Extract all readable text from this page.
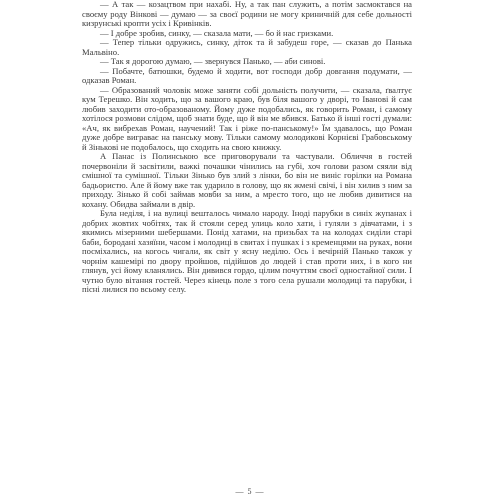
— А так — козацтвом при нахабі. Ну, а так пан служить, а потім засмоктався на своєму роду Вінкові — думаю — за своєї родини не могу криничній для себе дольності кизрунські кропти усіх і Кривінків.

— І добре зробив, синку, — сказала мати, — бо й нас гризками.

— Тепер тільки одружись, синку, діток та й забудеш горе, — сказав до Панька Мальвіно.

— Так я дорогою думаю, — звернувся Панько, — аби синові.

— Побачте, батюшки, будемо й ходити, вот господи добр довгання подумати, — одказав Роман.

— Образований чоловік може заняти собі дольність получити, — сказала, ґвалтує кум Терешко. Він ходить, що за вашого краю, був біля вашого у дворі, то Іванові й сам любив заходити ото-образованому. Йому дуже подобались, як говорить Роман, і самому хотілося розмови слідом, щоб знати буде, що й він ме вбився. Батько й інші гості думали: «Ач, як вибрехав Роман, научений! Так і ріже по-панському!» Їм здавалось, що Роман дуже добре виграває на панську мову. Тільки самому молодикові Корнієві Грабовському й Зінькові не подобалось, що сходить на свою книжку.

А Панас із Полинською все приговорували та частували. Обличчя в гостей почервоніли й засвітили, важкі почашки чінились на губі, хоч голови разом сяяли від смішної та сумішної. Тільки Зінько був злий з лінки, бо він не виніс горілки на Романа бадьористю. Але й йому вже так ударило в голову, що як жмені свічі, і він хилив з ним за приходу. Зінько й собі займав мовби за ним, а мресто того, що не любив дивитися на кохану. Обидва займали в двір.

Була неділя, і на вулиці вешталось чимало народу. Іноді парубки в синіх жупанах і добрих жовтих чобітях, так й стояли серед улиць коло хати, і гуляли з дівчатами, і з якимись мізерними шебершами. Понід хатами, на призьбах та на колодах сиділи старі баби, бородані хазяїни, часом і молодиці в свитах і пушках і з кременцями на руках, вони посміхались, на когось чигали, як світ у ясну неділю. Ось і вечірній Панько також у чорнім кашемірі по двору пройшов, підійшов до людей і став проти них, і в кого ни глянув, усі йому кланялись. Він дивився гордо, цілим почуттям своєї одностайної сили. І чутно було вітання гостей. Через кінець поле з того села рушали молодиці та парубки, і пісні лилися по всьому селу.

— 5 —
